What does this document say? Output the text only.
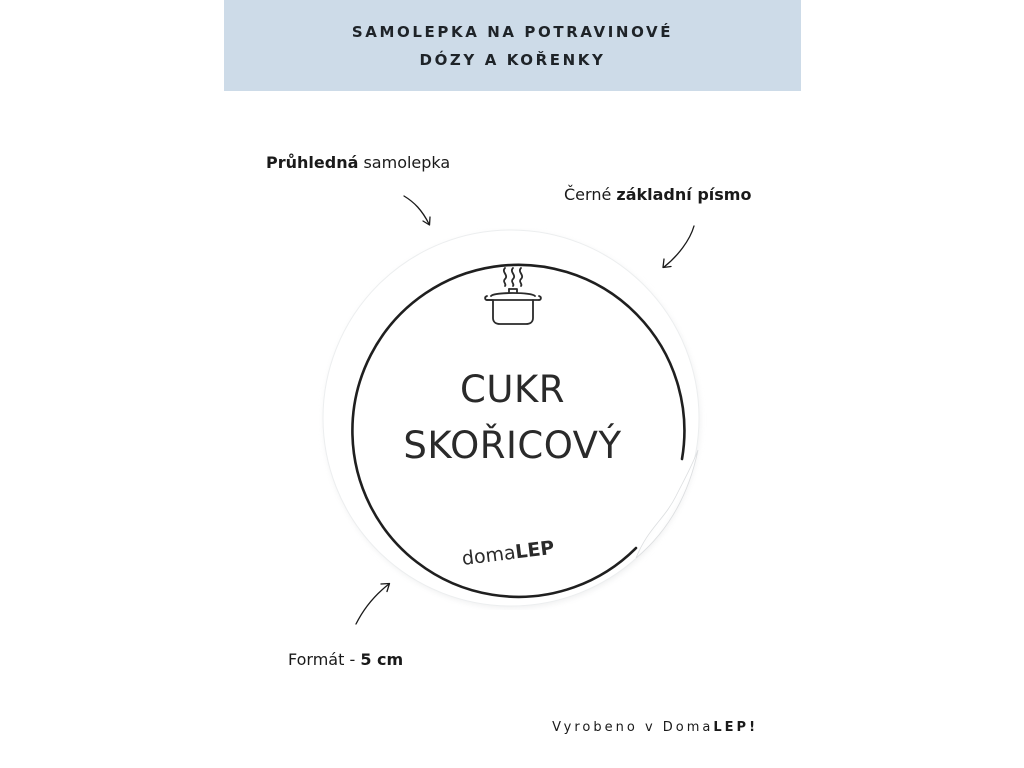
SAMOLEPKA NA POTRAVINOVÉ
DÓZY A KOŘENKY
Průhledná samolepka
Černé základní písmo
Formát - 5 cm
CUKR
SKOŘICOVÝ
domaLEP
Vyrobeno v DomaLEP!
